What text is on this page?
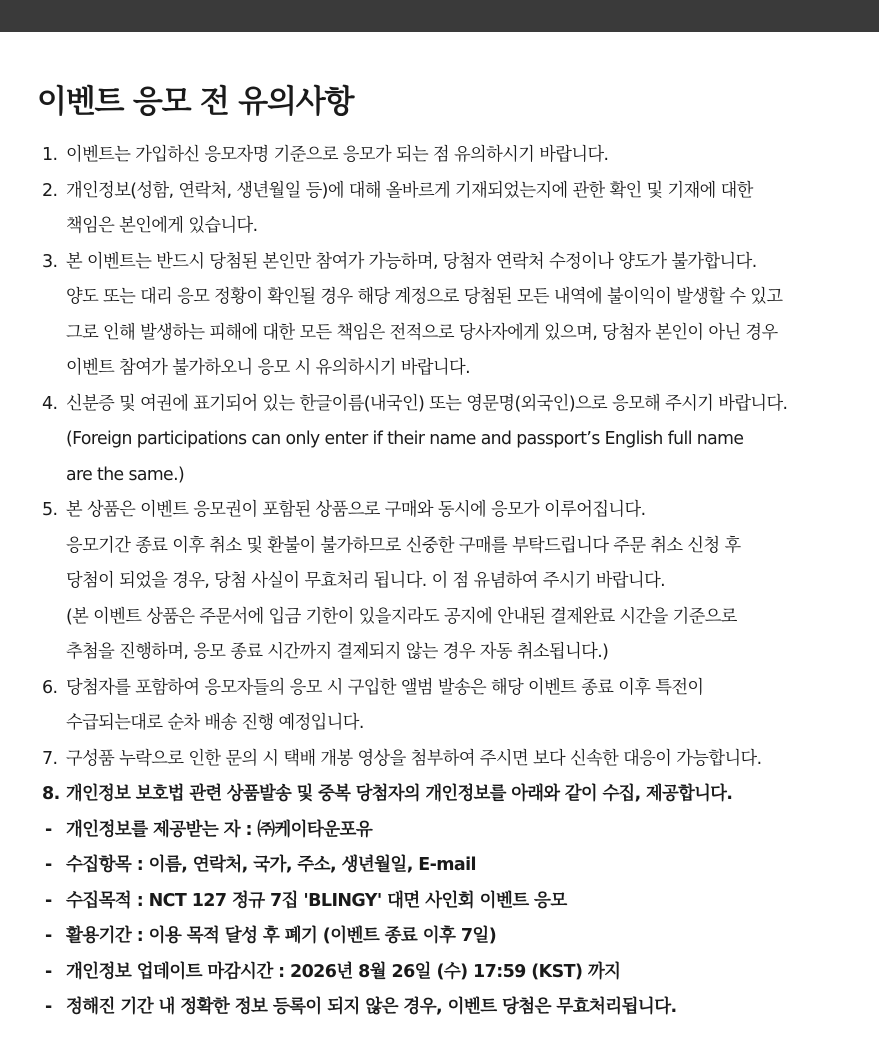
이벤트 응모 전 유의사항
1. 이벤트는 가입하신 응모자명 기준으로 응모가 되는 점 유의하시기 바랍니다.
2. 개인정보(성함, 연락처, 생년월일 등)에 대해 올바르게 기재되었는지에 관한 확인 및 기재에 대한
책임은 본인에게 있습니다.
3. 본 이벤트는 반드시 당첨된 본인만 참여가 가능하며, 당첨자 연락처 수정이나 양도가 불가합니다.
양도 또는 대리 응모 정황이 확인될 경우 해당 계정으로 당첨된 모든 내역에 불이익이 발생할 수 있고
그로 인해 발생하는 피해에 대한 모든 책임은 전적으로 당사자에게 있으며, 당첨자 본인이 아닌 경우
이벤트 참여가 불가하오니 응모 시 유의하시기 바랍니다.
4. 신분증 및 여권에 표기되어 있는 한글이름(내국인) 또는 영문명(외국인)으로 응모해 주시기 바랍니다.
(Foreign participations can only enter if their name and passport’s English full name
are the same.)
5. 본 상품은 이벤트 응모권이 포함된 상품으로 구매와 동시에 응모가 이루어집니다.
응모기간 종료 이후 취소 및 환불이 불가하므로 신중한 구매를 부탁드립니다 주문 취소 신청 후
당첨이 되었을 경우, 당첨 사실이 무효처리 됩니다. 이 점 유념하여 주시기 바랍니다.
(본 이벤트 상품은 주문서에 입금 기한이 있을지라도 공지에 안내된 결제완료 시간을 기준으로
추첨을 진행하며, 응모 종료 시간까지 결제되지 않는 경우 자동 취소됩니다.)
6. 당첨자를 포함하여 응모자들의 응모 시 구입한 앨범 발송은 해당 이벤트 종료 이후 특전이
수급되는대로 순차 배송 진행 예정입니다.
7. 구성품 누락으로 인한 문의 시 택배 개봉 영상을 첨부하여 주시면 보다 신속한 대응이 가능합니다.
8. 개인정보 보호법 관련 상품발송 및 중복 당첨자의 개인정보를 아래와 같이 수집, 제공합니다.
- 개인정보를 제공받는 자 : ㈜케이타운포유
- 수집항목 : 이름, 연락처, 국가, 주소, 생년월일, E-mail
- 수집목적 : NCT 127 정규 7집 'BLINGY' 대면 사인회 이벤트 응모
- 활용기간 : 이용 목적 달성 후 폐기 (이벤트 종료 이후 7일)
- 개인정보 업데이트 마감시간 : 2026년 8월 26일 (수) 17:59 (KST) 까지
- 정해진 기간 내 정확한 정보 등록이 되지 않은 경우, 이벤트 당첨은 무효처리됩니다.
